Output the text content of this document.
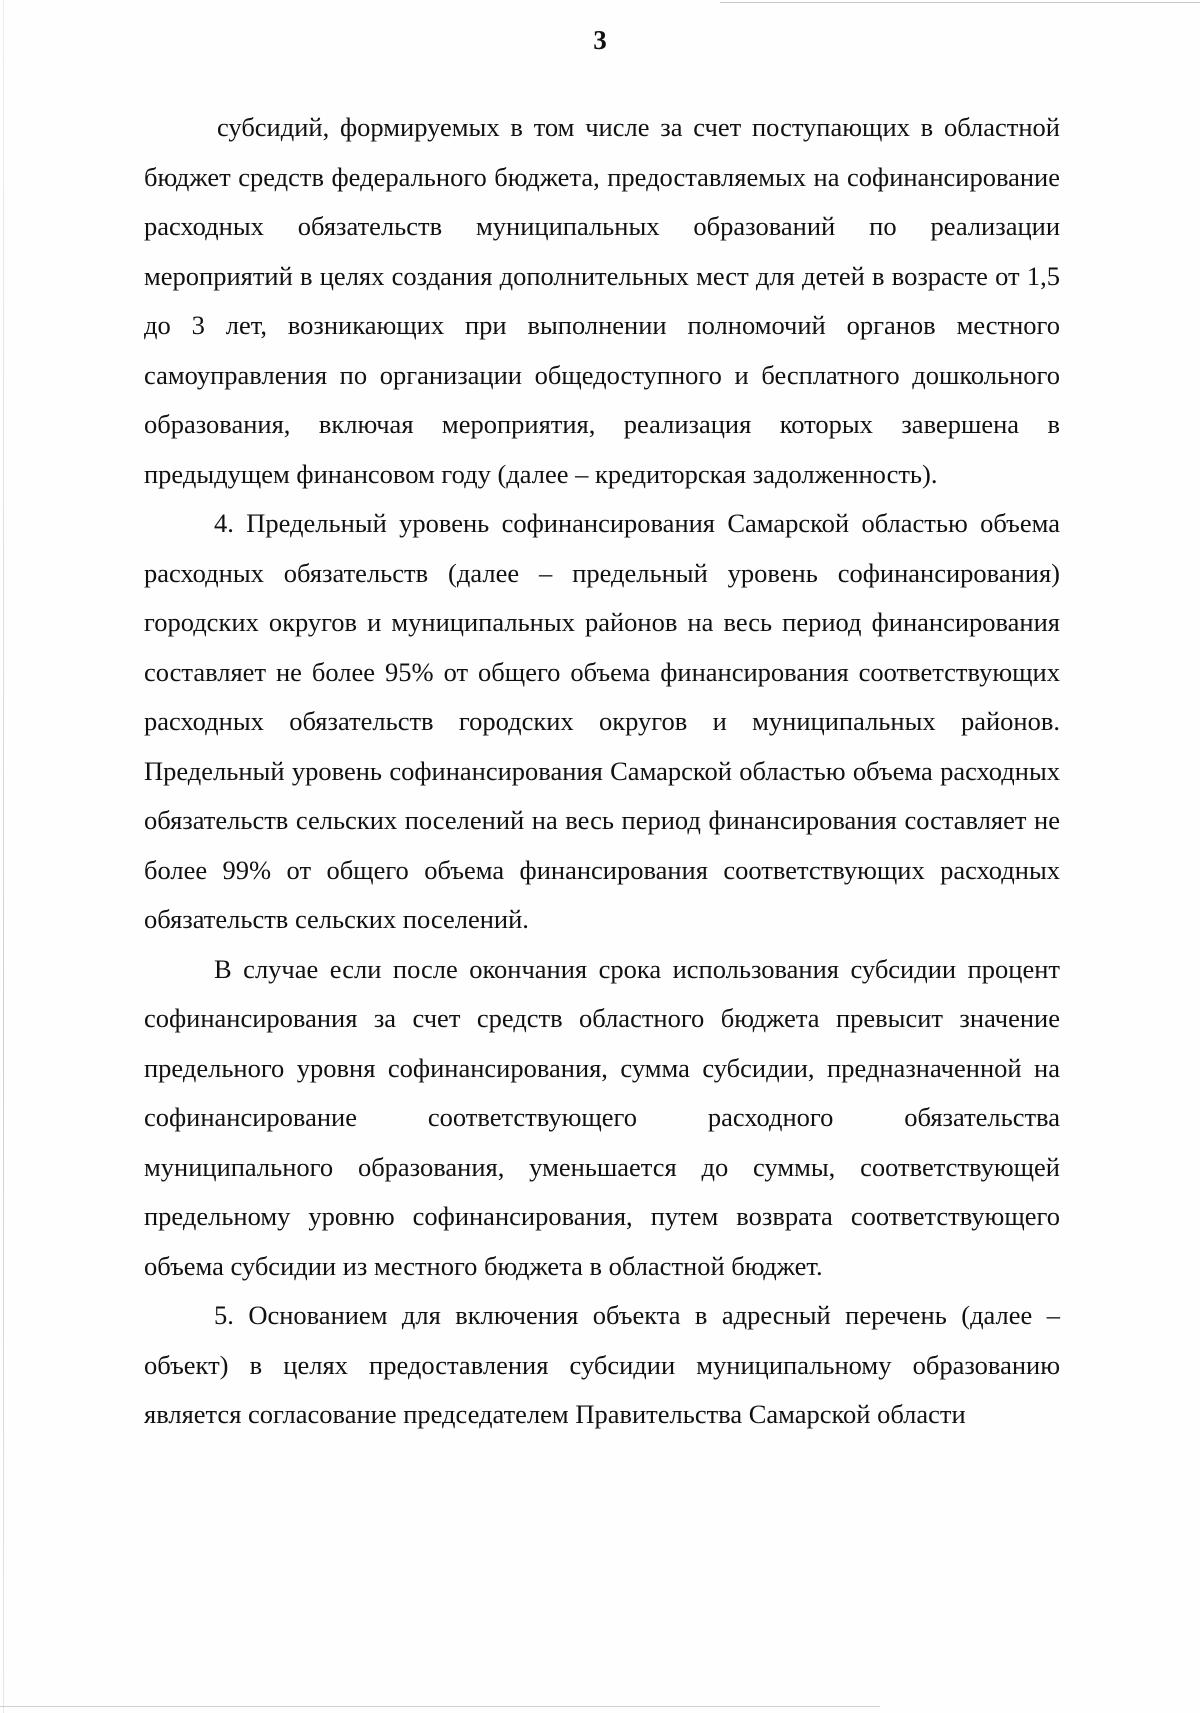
3

субсидий, формируемых в том числе за счет поступающих в областной бюджет средств федерального бюджета, предоставляемых на софинансирование расходных обязательств муниципальных образований по реализации мероприятий в целях создания дополнительных мест для детей в возрасте от 1,5 до 3 лет, возникающих при выполнении полномочий органов местного самоуправления по организации общедоступного и бесплатного дошкольного образования, включая мероприятия, реализация которых завершена в предыдущем финансовом году (далее – кредиторская задолженность).

4. Предельный уровень софинансирования Самарской областью объема расходных обязательств (далее – предельный уровень софинансирования) городских округов и муниципальных районов на весь период финансирования составляет не более 95% от общего объема финансирования соответствующих расходных обязательств городских округов и муниципальных районов. Предельный уровень софинансирования Самарской областью объема расходных обязательств сельских поселений на весь период финансирования составляет не более 99% от общего объема финансирования соответствующих расходных обязательств сельских поселений.

В случае если после окончания срока использования субсидии процент софинансирования за счет средств областного бюджета превысит значение предельного уровня софинансирования, сумма субсидии, предназначенной на софинансирование соответствующего расходного обязательства муниципального образования, уменьшается до суммы, соответствующей предельному уровню софинансирования, путем возврата соответствующего объема субсидии из местного бюджета в областной бюджет.

5. Основанием для включения объекта в адресный перечень (далее – объект) в целях предоставления субсидии муниципальному образованию является согласование председателем Правительства Самарской области
